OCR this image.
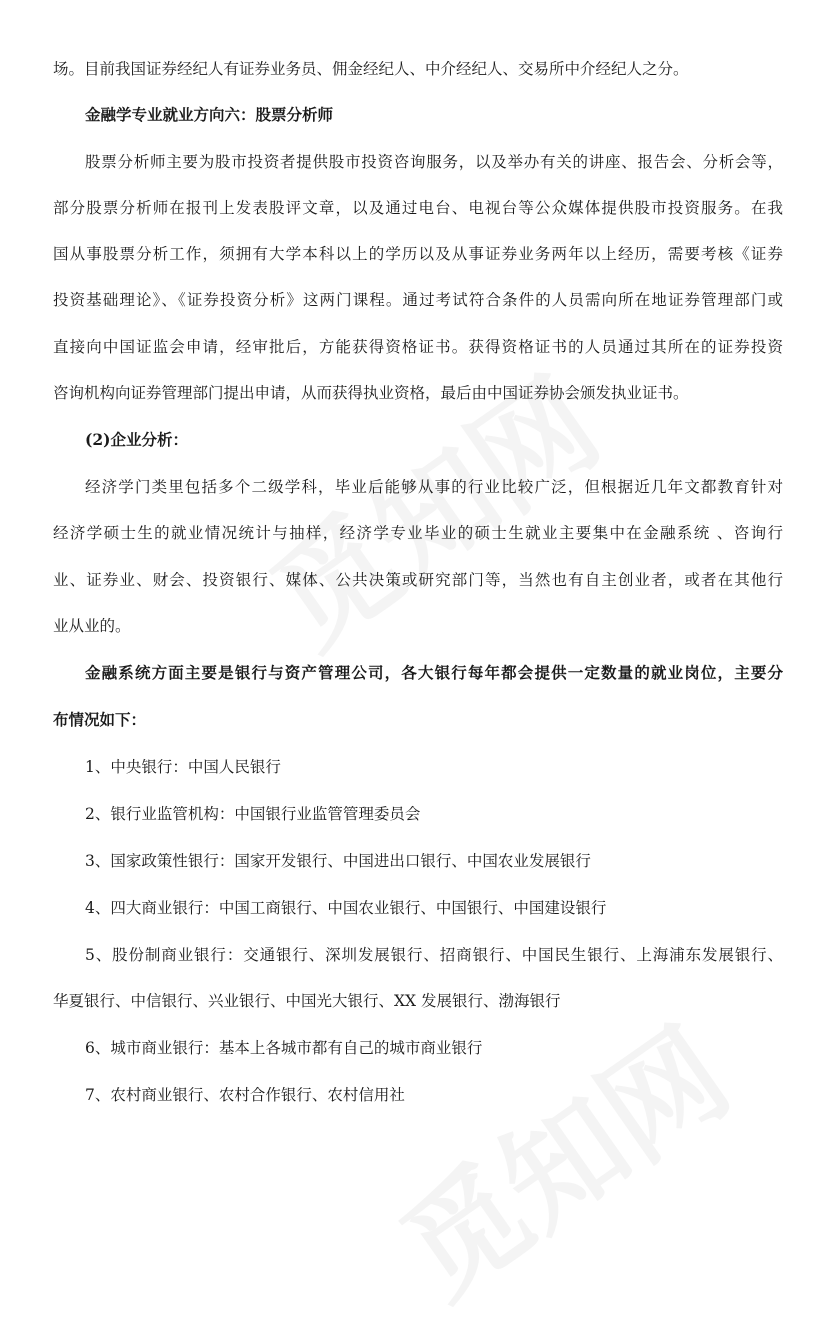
场。目前我国证券经纪人有证券业务员、佣金经纪人、中介经纪人、交易所中介经纪人之分。
金融学专业就业方向六：股票分析师
股票分析师主要为股市投资者提供股市投资咨询服务，以及举办有关的讲座、报告会、分析会等，
部分股票分析师在报刊上发表股评文章，以及通过电台、电视台等公众媒体提供股市投资服务。在我
国从事股票分析工作，须拥有大学本科以上的学历以及从事证券业务两年以上经历，需要考核《证券
投资基础理论》、《证券投资分析》这两门课程。通过考试符合条件的人员需向所在地证券管理部门或
直接向中国证监会申请，经审批后，方能获得资格证书。获得资格证书的人员通过其所在的证券投资
咨询机构向证券管理部门提出申请，从而获得执业资格，最后由中国证券协会颁发执业证书。
(2)企业分析：
经济学门类里包括多个二级学科，毕业后能够从事的行业比较广泛，但根据近几年文都教育针对
经济学硕士生的就业情况统计与抽样，经济学专业毕业的硕士生就业主要集中在金融系统 、咨询行
业、证券业、财会、投资银行、媒体、公共决策或研究部门等，当然也有自主创业者，或者在其他行
业从业的。
金融系统方面主要是银行与资产管理公司，各大银行每年都会提供一定数量的就业岗位，主要分
布情况如下：
1、中央银行：中国人民银行
2、银行业监管机构：中国银行业监管管理委员会
3、国家政策性银行：国家开发银行、中国进出口银行、中国农业发展银行
4、四大商业银行：中国工商银行、中国农业银行、中国银行、中国建设银行
5、股份制商业银行：交通银行、深圳发展银行、招商银行、中国民生银行、上海浦东发展银行、
华夏银行、中信银行、兴业银行、中国光大银行、XX 发展银行、渤海银行
6、城市商业银行：基本上各城市都有自己的城市商业银行
7、农村商业银行、农村合作银行、农村信用社
